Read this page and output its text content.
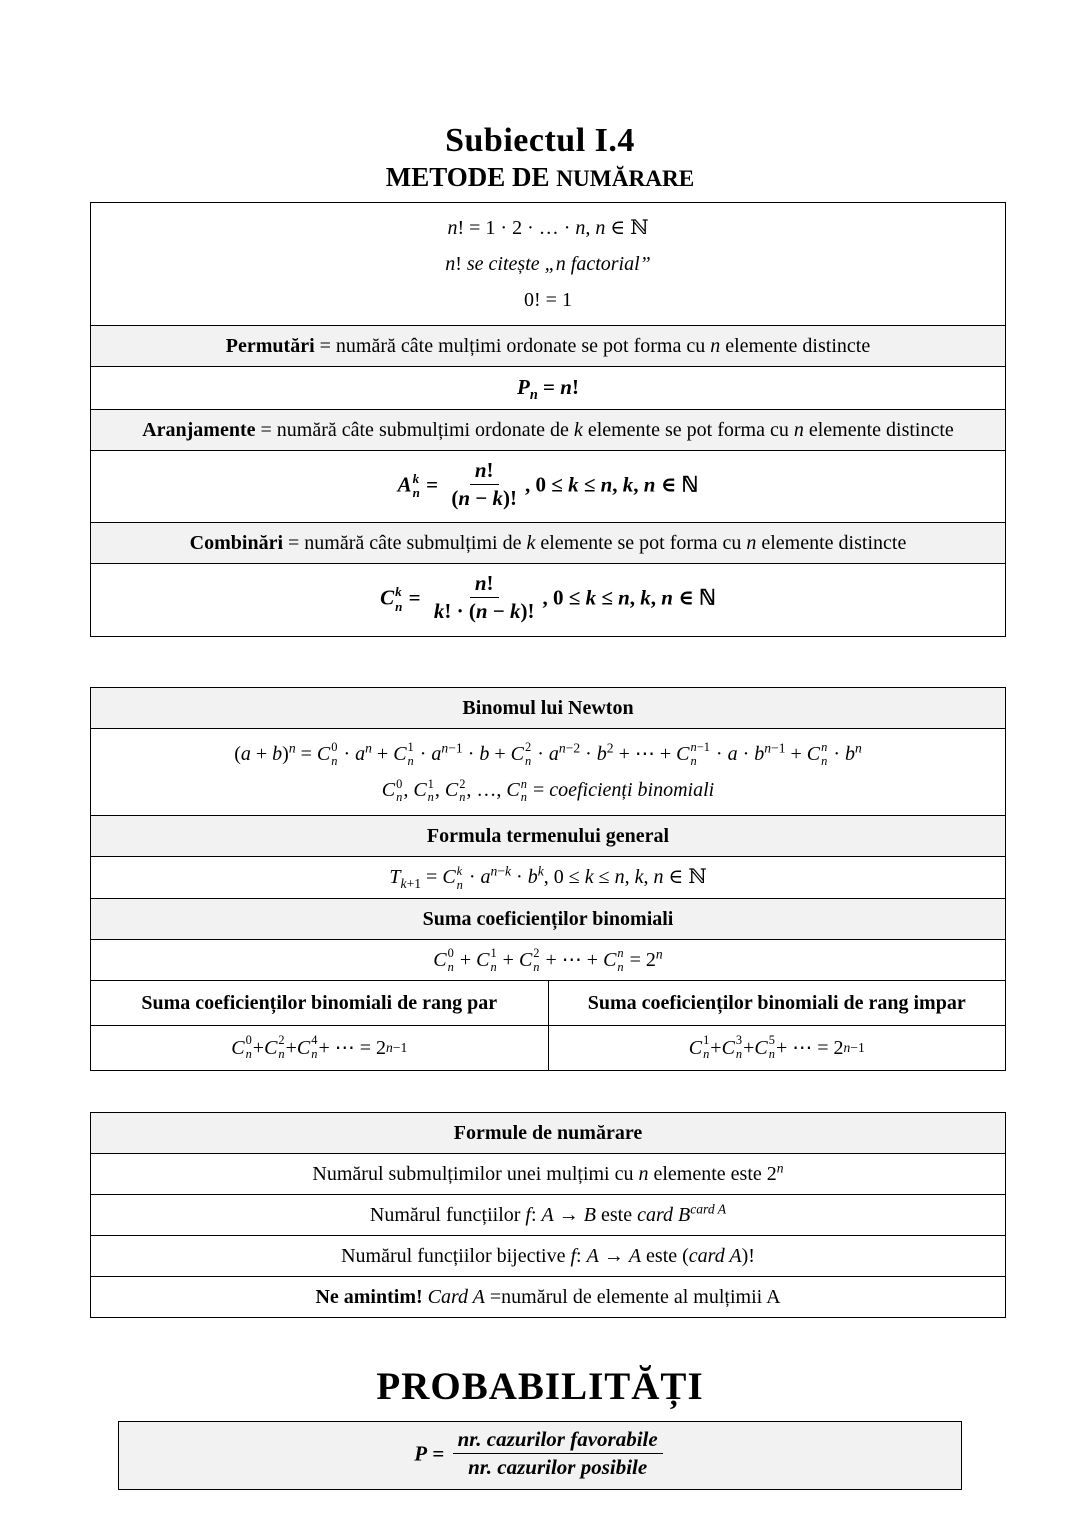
Subiectul I.4
METODE DE NUMĂRARE
n! = 1 · 2 · … · n, n ∈ ℕ
n! se citește „n factorial”
0! = 1
Permutări = numără câte mulțimi ordonate se pot forma cu n elemente distincte
$P_n = n$!
Aranjamente = numără câte submulțimi ordonate de k elemente se pot forma cu n elemente distincte
A k
$n = \frac{n!}{(n - k)!}$ , 0 ≤ k ≤ n, k, n ∈ ℕ
Combinări = numără câte submulțimi de k elemente se pot forma cu n elemente distincte
C k
$n = \frac{n!}{k! \cdot (n - k)!}$ , 0 ≤ k ≤ n, k, n ∈ ℕ
Binomul lui Newton
$(a + b)^n = C$ 0
$n \cdot a^n + C$ 1
$n \cdot a^{n-1} \cdot b + C$ 2
$n \cdot a^{n-2} \cdot b^2$ + ⋯ + C n−1
$n \cdot a \cdot b^{n-1} + C$ n
$n \cdot b^n$
C 0
n , C 1
n , C 2
n , …, C n
n = coeficienți binomiali
Formula termenului general
$T_{k+1} = C$ k
$n \cdot a^{n-k} \cdot b^k$, 0 ≤ k ≤ n, k, n ∈ ℕ
Suma coeficienților binomiali
C 0
n + C 1
n + C 2
n + ⋯ + C n
$n = 2^n$
Suma coeficienților binomiali de rang par	Suma coeficienților binomiali de rang impar
C 0
n + C 2
n + C 4
n + ⋯ = 2 n−1	C 1
n + C 3
n + C 5
n + ⋯ = 2 n−1
Formule de numărare
Numărul submulțimilor unei mulțimi cu n elemente este 2$^n$
Numărul funcțiilor f: A → B este card $B^{card A}$
Numărul funcțiilor bijective f: A → A este (card A)!
Ne amintim! Card A =numărul de elemente al mulțimii A
PROBABILITĂȚI
$P = \frac{\text{nr. cazurilor favorabile}}{\text{nr. cazurilor posibile}}$
